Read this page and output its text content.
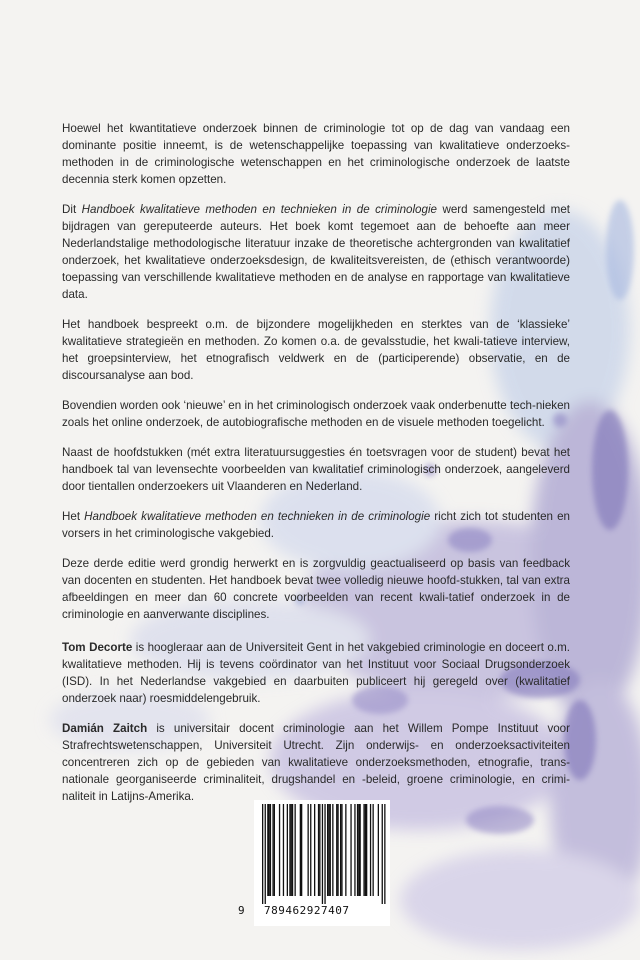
Hoewel het kwantitatieve onderzoek binnen de criminologie tot op de dag van vandaag een dominante positie inneemt, is de wetenschappelijke toepassing van kwalitatieve onderzoeks-methoden in de criminologische wetenschappen en het criminologische onderzoek de laatste decennia sterk komen opzetten.

Dit Handboek kwalitatieve methoden en technieken in de criminologie werd samengesteld met bijdragen van gereputeerde auteurs. Het boek komt tegemoet aan de behoefte aan meer Nederlandstalige methodologische literatuur inzake de theoretische achtergronden van kwalitatief onderzoek, het kwalitatieve onderzoeksdesign, de kwaliteitsvereisten, de (ethisch verantwoorde) toepassing van verschillende kwalitatieve methoden en de analyse en rapportage van kwalitatieve data.

Het handboek bespreekt o.m. de bijzondere mogelijkheden en sterktes van de ‘klassieke’ kwalitatieve strategieën en methoden. Zo komen o.a. de gevalsstudie, het kwali-tatieve interview, het groepsinterview, het etnografisch veldwerk en de (participerende) observatie, en de discoursanalyse aan bod.

Bovendien worden ook ‘nieuwe’ en in het criminologisch onderzoek vaak onderbenutte tech-nieken zoals het online onderzoek, de autobiografische methoden en de visuele methoden toegelicht.

Naast de hoofdstukken (mét extra literatuursuggesties én toetsvragen voor de student) bevat het handboek tal van levensechte voorbeelden van kwalitatief criminologisch onderzoek, aangeleverd door tientallen onderzoekers uit Vlaanderen en Nederland.

Het Handboek kwalitatieve methoden en technieken in de criminologie richt zich tot studenten en vorsers in het criminologische vakgebied.

Deze derde editie werd grondig herwerkt en is zorgvuldig geactualiseerd op basis van feedback van docenten en studenten. Het handboek bevat twee volledig nieuwe hoofd-stukken, tal van extra afbeeldingen en meer dan 60 concrete voorbeelden van recent kwali-tatief onderzoek in de criminologie en aanverwante disciplines.

Tom Decorte is hoogleraar aan de Universiteit Gent in het vakgebied criminologie en doceert o.m. kwalitatieve methoden. Hij is tevens coördinator van het Instituut voor Sociaal Drugsonderzoek (ISD). In het Nederlandse vakgebied en daarbuiten publiceert hij geregeld over (kwalitatief onderzoek naar) roesmiddelengebruik.

Damián Zaitch is universitair docent criminologie aan het Willem Pompe Instituut voor Strafrechtswetenschappen, Universiteit Utrecht. Zijn onderwijs- en onderzoeksactiviteiten concentreren zich op de gebieden van kwalitatieve onderzoeksmethoden, etnografie, trans-nationale georganiseerde criminaliteit, drugshandel en -beleid, groene criminologie, en crimi-naliteit in Latijns-Amerika.

9 789462927407
